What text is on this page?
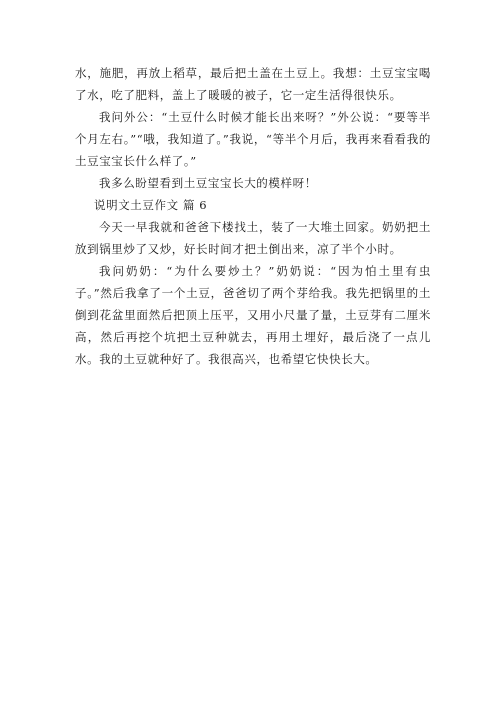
水，施肥，再放上稻草，最后把土盖在土豆上。我想：土豆宝宝喝了水，吃了肥料，盖上了暖暖的被子，它一定生活得很快乐。

我问外公：“土豆什么时候才能长出来呀？”外公说：“要等半个月左右。”“哦，我知道了。”我说，“等半个月后，我再来看看我的土豆宝宝长什么样了。”

我多么盼望看到土豆宝宝长大的模样呀！

说明文土豆作文 篇 6

今天一早我就和爸爸下楼找土，装了一大堆土回家。奶奶把土放到锅里炒了又炒，好长时间才把土倒出来，凉了半个小时。

我问奶奶：“为什么要炒土？”奶奶说：“因为怕土里有虫子。”然后我拿了一个土豆，爸爸切了两个芽给我。我先把锅里的土倒到花盆里面然后把顶上压平，又用小尺量了量，土豆芽有二厘米高，然后再挖个坑把土豆种就去，再用土埋好，最后浇了一点儿水。我的土豆就种好了。我很高兴，也希望它快快长大。
